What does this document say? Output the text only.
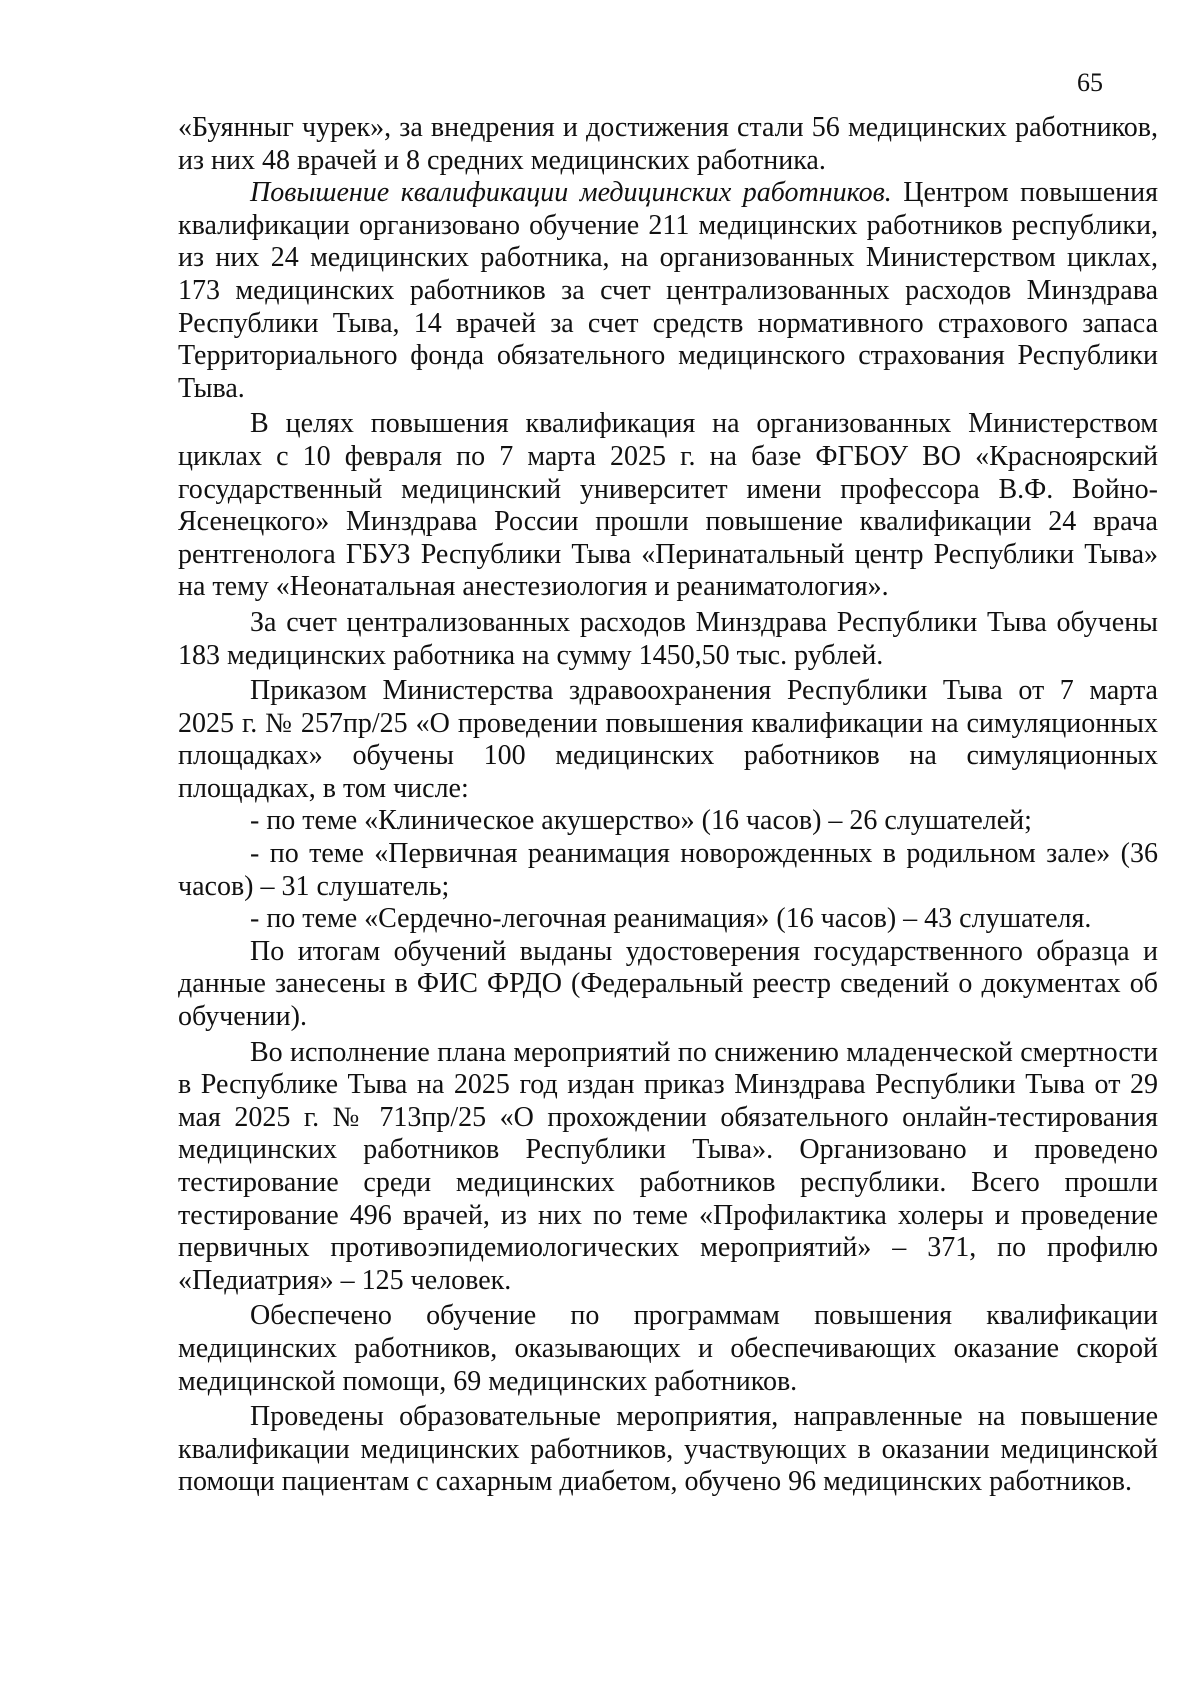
65

«Буянныг чурек», за внедрения и достижения стали 56 медицинских работников, из них 48 врачей и 8 средних медицинских работника.

Повышение квалификации медицинских работников. Центром повышения квалификации организовано обучение 211 медицинских работников республики, из них 24 медицинских работника, на организованных Министерством циклах, 173 медицинских работников за счет централизованных расходов Минздрава Республики Тыва, 14 врачей за счет средств нормативного страхового запаса Территориального фонда обязательного медицинского страхования Республики Тыва.

В целях повышения квалификация на организованных Министерством циклах с 10 февраля по 7 марта 2025 г. на базе ФГБОУ ВО «Красноярский государственный медицинский университет имени профессора В.Ф. Войно-Ясенецкого» Минздрава России прошли повышение квалификации 24 врача рентгенолога ГБУЗ Республики Тыва «Перинатальный центр Республики Тыва» на тему «Неонатальная анестезиология и реаниматология».

За счет централизованных расходов Минздрава Республики Тыва обучены 183 медицинских работника на сумму 1450,50 тыс. рублей.

Приказом Министерства здравоохранения Республики Тыва от 7 марта 2025 г. № 257пр/25 «О проведении повышения квалификации на симуляционных площадках» обучены 100 медицинских работников на симуляционных площадках, в том числе:

- по теме «Клиническое акушерство» (16 часов) – 26 слушателей;

- по теме «Первичная реанимация новорожденных в родильном зале» (36 часов) – 31 слушатель;

- по теме «Сердечно-легочная реанимация» (16 часов) – 43 слушателя.

По итогам обучений выданы удостоверения государственного образца и данные занесены в ФИС ФРДО (Федеральный реестр сведений о документах об обучении).

Во исполнение плана мероприятий по снижению младенческой смертности в Республике Тыва на 2025 год издан приказ Минздрава Республики Тыва от 29 мая 2025 г. № 713пр/25 «О прохождении обязательного онлайн-тестирования медицинских работников Республики Тыва». Организовано и проведено тестирование среди медицинских работников республики. Всего прошли тестирование 496 врачей, из них по теме «Профилактика холеры и проведение первичных противоэпидемиологических мероприятий» – 371, по профилю «Педиатрия» – 125 человек.

Обеспечено обучение по программам повышения квалификации медицинских работников, оказывающих и обеспечивающих оказание скорой медицинской помощи, 69 медицинских работников.

Проведены образовательные мероприятия, направленные на повышение квалификации медицинских работников, участвующих в оказании медицинской помощи пациентам с сахарным диабетом, обучено 96 медицинских работников.
